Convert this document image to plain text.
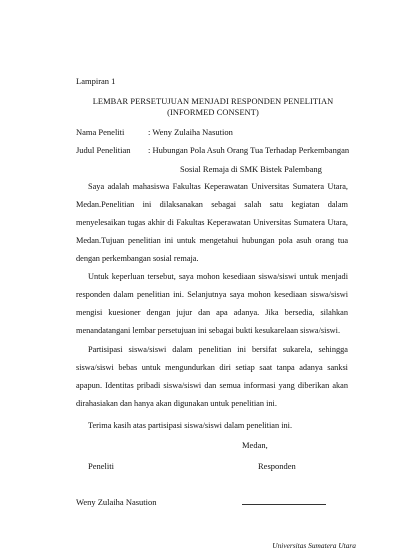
Lampiran 1
LEMBAR PERSETUJUAN MENJADI RESPONDEN PENELITIAN
(INFORMED CONSENT)
Nama Peneliti	: Weny Zulaiha Nasution
Judul Penelitian : Hubungan Pola Asuh Orang Tua Terhadap Perkembangan
Sosial Remaja di SMK Bistek Palembang
Saya adalah mahasiswa Fakultas Keperawatan Universitas Sumatera Utara,
Medan.Penelitian ini dilaksanakan sebagai salah satu kegiatan dalam
menyelesaikan tugas akhir di Fakultas Keperawatan Universitas Sumatera Utara,
Medan.Tujuan penelitian ini untuk mengetahui hubungan pola asuh orang tua
dengan perkembangan sosial remaja.
Untuk keperluan tersebut, saya mohon kesediaan siswa/siswi untuk menjadi
responden dalam penelitian ini. Selanjutnya saya mohon kesediaan siswa/siswi
mengisi kuesioner dengan jujur dan apa adanya. Jika bersedia, silahkan
menandatangani lembar persetujuan ini sebagai bukti kesukarelaan siswa/siswi.
Partisipasi siswa/siswi dalam penelitian ini bersifat sukarela, sehingga
siswa/siswi bebas untuk mengundurkan diri setiap saat tanpa adanya sanksi
apapun. Identitas pribadi siswa/siswi dan semua informasi yang diberikan akan
dirahasiakan dan hanya akan digunakan untuk penelitian ini.
Terima kasih atas partisipasi siswa/siswi dalam penelitian ini.
Medan,
Peneliti	Responden
Weny Zulaiha Nasution
Universitas Sumatera Utara
